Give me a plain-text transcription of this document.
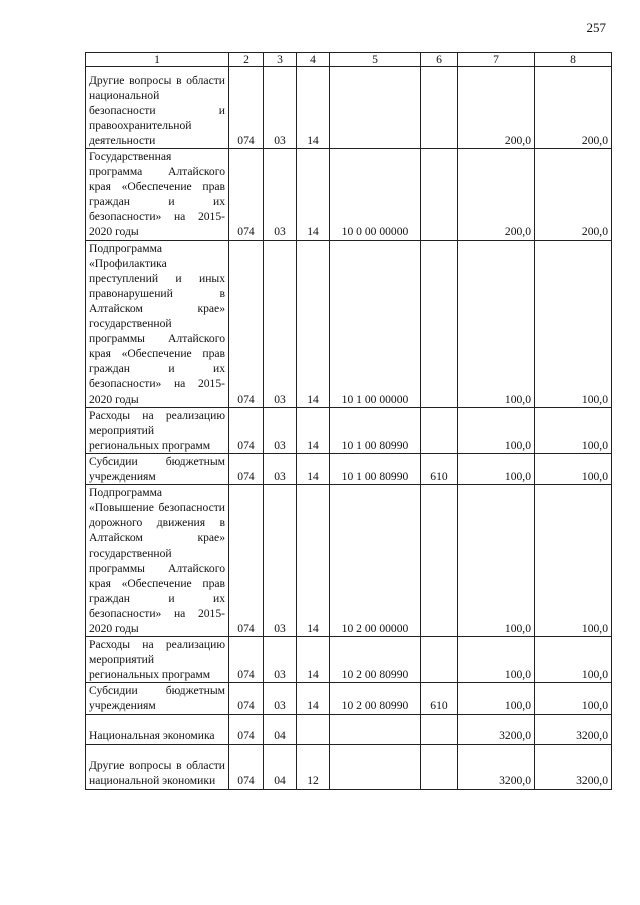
257
1	2	3	4	5	6	7	8
Другие вопросы в области национальной безопасности и правоохранительной деятельности	074	03	14			200,0	200,0
Государственная программа Алтайского края «Обеспечение прав граждан и их безопасности» на 2015-2020 годы	074	03	14	10 0 00 00000		200,0	200,0
Подпрограмма «Профилактика преступлений и иных правонарушений в Алтайском крае» государственной программы Алтайского края «Обеспечение прав граждан и их безопасности» на 2015-2020 годы	074	03	14	10 1 00 00000		100,0	100,0
Расходы на реализацию мероприятий региональных программ	074	03	14	10 1 00 80990		100,0	100,0
Субсидии бюджетным учреждениям	074	03	14	10 1 00 80990	610	100,0	100,0
Подпрограмма «Повышение безопасности дорожного движения в Алтайском крае» государственной программы Алтайского края «Обеспечение прав граждан и их безопасности» на 2015-2020 годы	074	03	14	10 2 00 00000		100,0	100,0
Расходы на реализацию мероприятий региональных программ	074	03	14	10 2 00 80990		100,0	100,0
Субсидии бюджетным учреждениям	074	03	14	10 2 00 80990	610	100,0	100,0
Национальная экономика	074	04				3200,0	3200,0
Другие вопросы в области национальной экономики	074	04	12			3200,0	3200,0
